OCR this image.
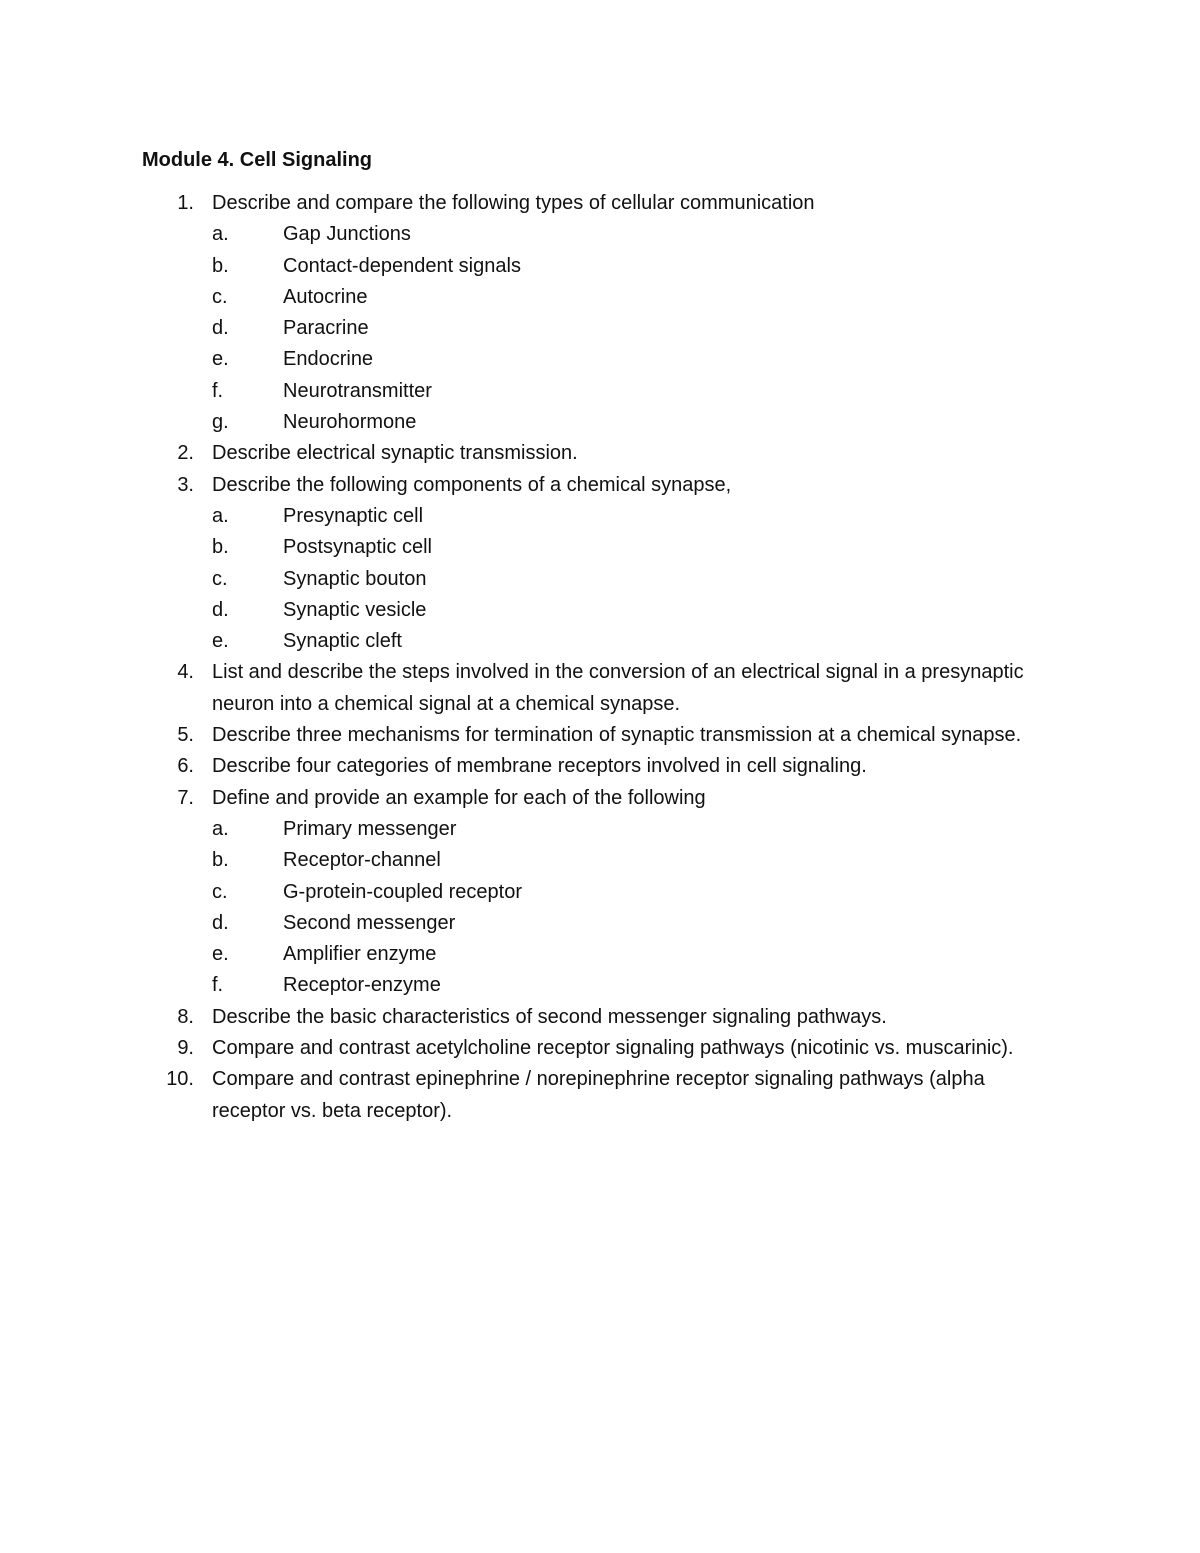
Module 4. Cell Signaling
1. Describe and compare the following types of cellular communication
a.	Gap Junctions
b.	Contact-dependent signals
c.	Autocrine
d.	Paracrine
e.	Endocrine
f.	Neurotransmitter
g.	Neurohormone
2. Describe electrical synaptic transmission.
3. Describe the following components of a chemical synapse,
a.	Presynaptic cell
b.	Postsynaptic cell
c.	Synaptic bouton
d.	Synaptic vesicle
e.	Synaptic cleft
4. List and describe the steps involved in the conversion of an electrical signal in a presynaptic neuron into a chemical signal at a chemical synapse.
5. Describe three mechanisms for termination of synaptic transmission at a chemical synapse.
6. Describe four categories of membrane receptors involved in cell signaling.
7. Define and provide an example for each of the following
a.	Primary messenger
b.	Receptor-channel
c.	G-protein-coupled receptor
d.	Second messenger
e.	Amplifier enzyme
f.	Receptor-enzyme
8. Describe the basic characteristics of second messenger signaling pathways.
9. Compare and contrast acetylcholine receptor signaling pathways (nicotinic vs. muscarinic).
10. Compare and contrast epinephrine / norepinephrine receptor signaling pathways (alpha receptor vs. beta receptor).
